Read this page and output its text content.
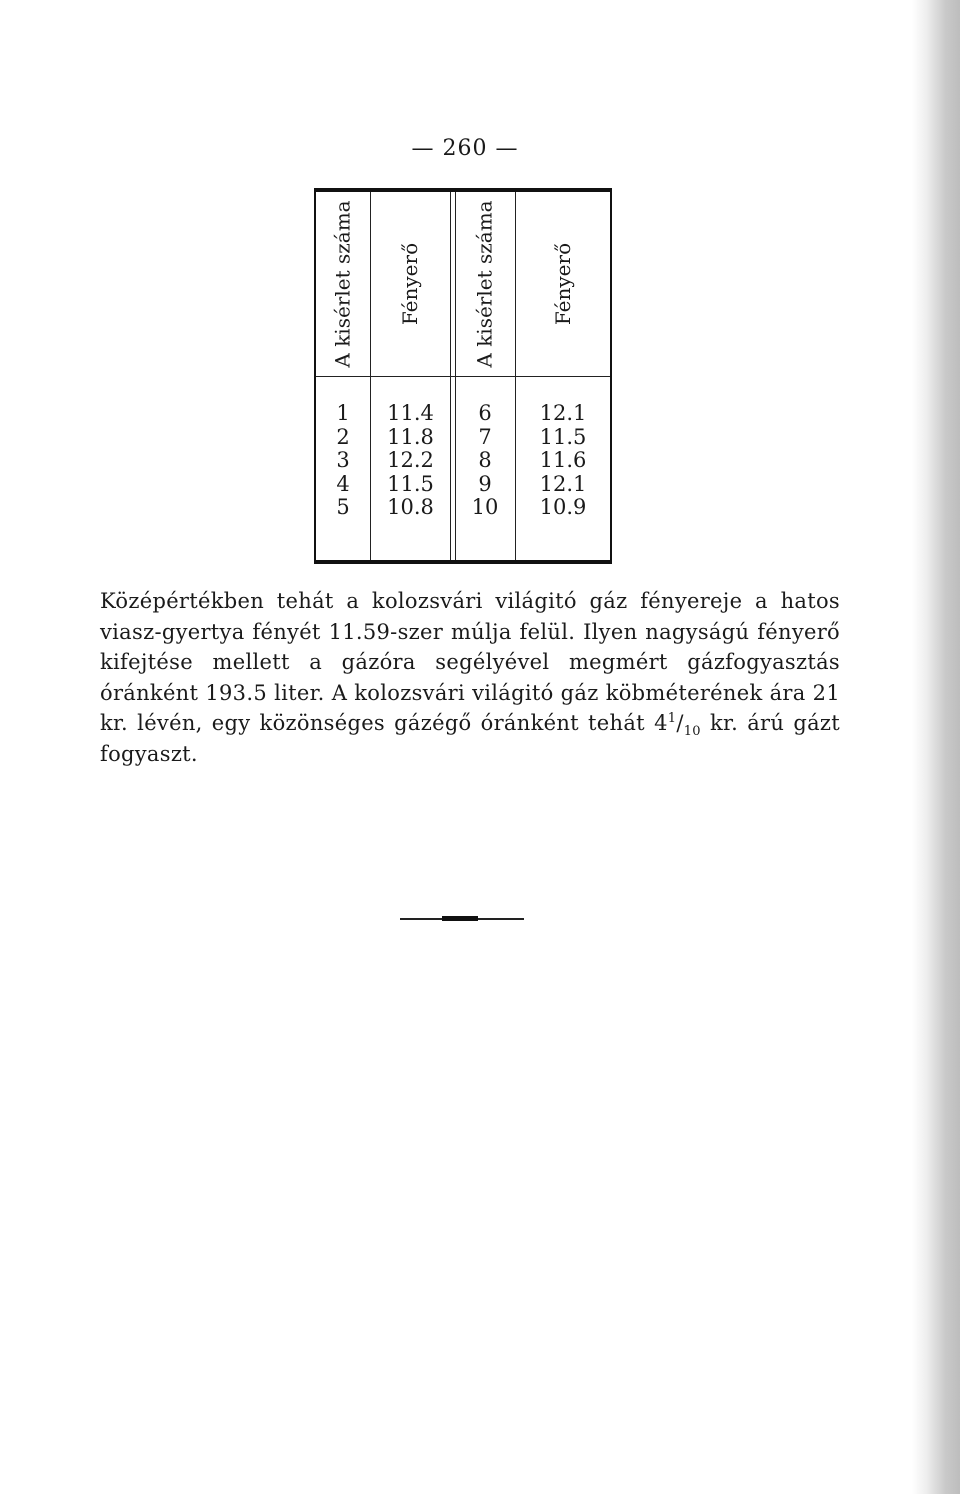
— 260 —
A kisérlet száma Fényerő	A kisérlet száma	Fényerő
1
2
3
4
5
11.4
11.8
12.2
11.5
10.8
6
7
8
9
10
12.1
11.5
11.6
12.1
10.9
Középértékben tehát a kolozsvári világitó gáz fényereje a hatos viasz-gyertya fényét 11.59-szer múlja felül. Ilyen nagyságú fényerő kifejtése mellett a gázóra segélyével megmért gázfogyasztás óránként 193.5 liter. A kolozsvári világitó gáz köbméterének ára 21 kr. lévén, egy közönséges gázégő óránként tehát $4^1/_{10}$ kr. árú gázt fogyaszt.
